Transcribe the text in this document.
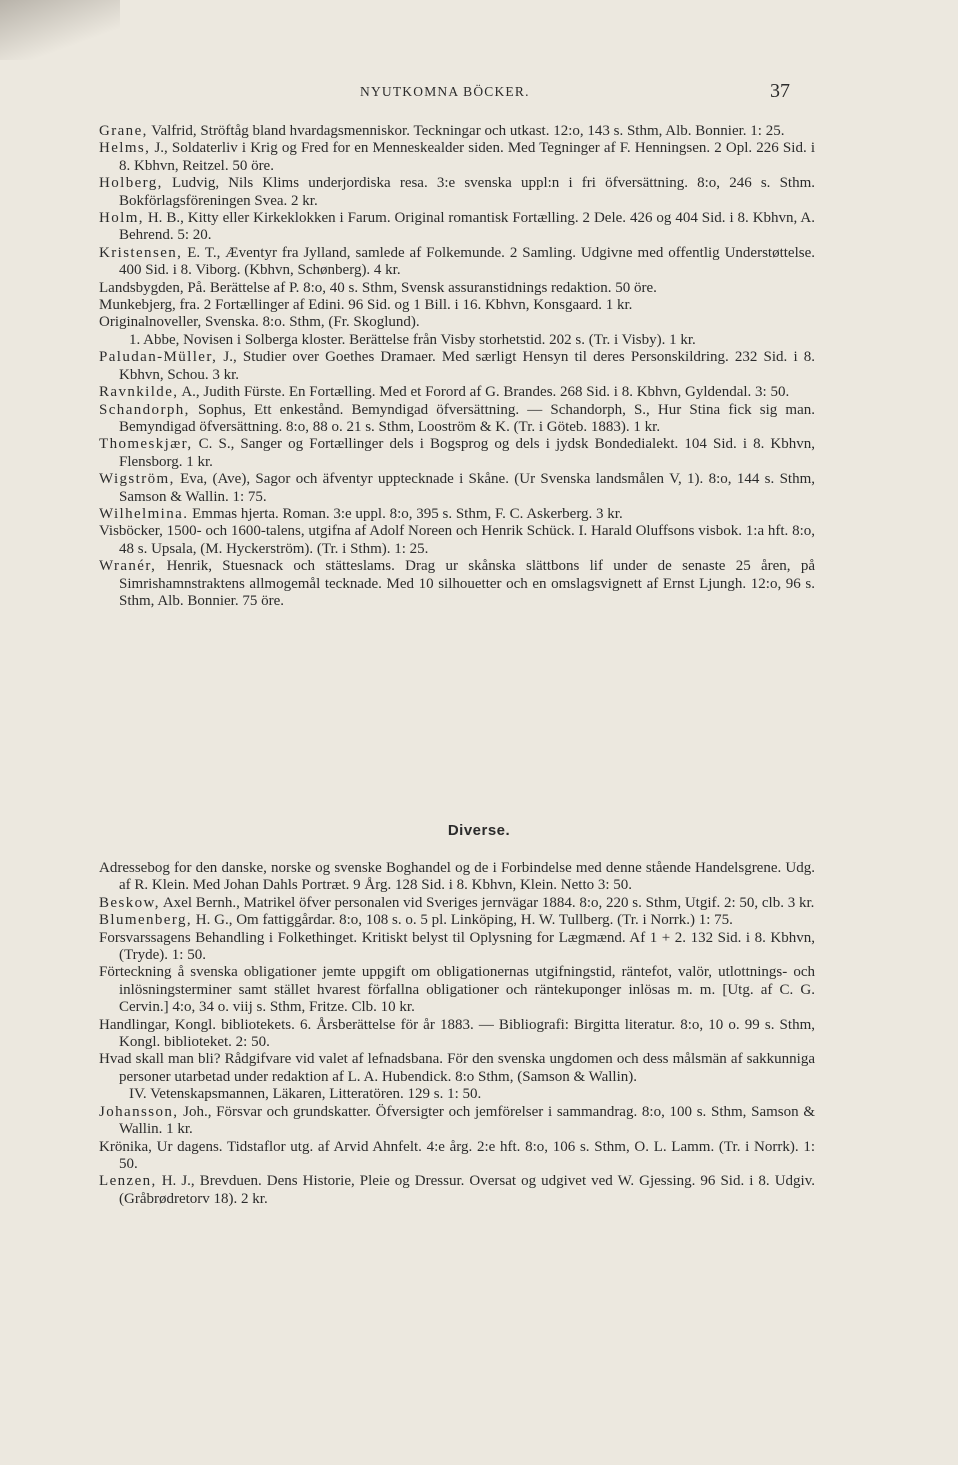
NYUTKOMNA BÖCKER.	37

Grane, Valfrid, Ströftåg bland hvardagsmenniskor. Teckningar och utkast. 12:o, 143 s. Sthm, Alb. Bonnier. 1: 25.

Helms, J., Soldaterliv i Krig og Fred for en Menneskealder siden. Med Tegninger af F. Henningsen. 2 Opl. 226 Sid. i 8. Kbhvn, Reitzel. 50 öre.

Holberg, Ludvig, Nils Klims underjordiska resa. 3:e svenska uppl:n i fri öfversättning. 8:o, 246 s. Sthm. Bokförlagsföreningen Svea. 2 kr.

Holm, H. B., Kitty eller Kirkeklokken i Farum. Original romantisk Fortælling. 2 Dele. 426 og 404 Sid. i 8. Kbhvn, A. Behrend. 5: 20.

Kristensen, E. T., Æventyr fra Jylland, samlede af Folkemunde. 2 Samling. Udgivne med offentlig Understøttelse. 400 Sid. i 8. Viborg. (Kbhvn, Schønberg). 4 kr.

Landsbygden, På. Berättelse af P. 8:o, 40 s. Sthm, Svensk assuranstidnings redaktion. 50 öre.

Munkebjerg, fra. 2 Fortællinger af Edini. 96 Sid. og 1 Bill. i 16. Kbhvn, Konsgaard. 1 kr.

Originalnoveller, Svenska. 8:o. Sthm, (Fr. Skoglund).

1. Abbe, Novisen i Solberga kloster. Berättelse från Visby storhetstid. 202 s. (Tr. i Visby). 1 kr.

Paludan-Müller, J., Studier over Goethes Dramaer. Med særligt Hensyn til deres Personskildring. 232 Sid. i 8. Kbhvn, Schou. 3 kr.

Ravnkilde, A., Judith Fürste. En Fortælling. Med et Forord af G. Brandes. 268 Sid. i 8. Kbhvn, Gyldendal. 3: 50.

Schandorph, Sophus, Ett enkestånd. Bemyndigad öfversättning. — Schandorph, S., Hur Stina fick sig man. Bemyndigad öfversättning. 8:o, 88 o. 21 s. Sthm, Looström & K. (Tr. i Göteb. 1883). 1 kr.

Thomeskjær, C. S., Sanger og Fortællinger dels i Bogsprog og dels i jydsk Bondedialekt. 104 Sid. i 8. Kbhvn, Flensborg. 1 kr.

Wigström, Eva, (Ave), Sagor och äfventyr upptecknade i Skåne. (Ur Svenska landsmålen V, 1). 8:o, 144 s. Sthm, Samson & Wallin. 1: 75.

Wilhelmina. Emmas hjerta. Roman. 3:e uppl. 8:o, 395 s. Sthm, F. C. Askerberg. 3 kr.

Visböcker, 1500- och 1600-talens, utgifna af Adolf Noreen och Henrik Schück. I. Harald Oluffsons visbok. 1:a hft. 8:o, 48 s. Upsala, (M. Hyckerström). (Tr. i Sthm). 1: 25.

Wranér, Henrik, Stuesnack och stätteslams. Drag ur skånska slättbons lif under de senaste 25 åren, på Simrishamnstraktens allmogemål tecknade. Med 10 silhouetter och en omslagsvignett af Ernst Ljungh. 12:o, 96 s. Sthm, Alb. Bonnier. 75 öre.

Diverse.

Adressebog for den danske, norske og svenske Boghandel og de i Forbindelse med denne stående Handelsgrene. Udg. af R. Klein. Med Johan Dahls Portræt. 9 Årg. 128 Sid. i 8. Kbhvn, Klein. Netto 3: 50.

Beskow, Axel Bernh., Matrikel öfver personalen vid Sveriges jernvägar 1884. 8:o, 220 s. Sthm, Utgif. 2: 50, clb. 3 kr.

Blumenberg, H. G., Om fattiggårdar. 8:o, 108 s. o. 5 pl. Linköping, H. W. Tullberg. (Tr. i Norrk.) 1: 75.

Forsvarssagens Behandling i Folkethinget. Kritiskt belyst til Oplysning for Lægmænd. Af 1 + 2. 132 Sid. i 8. Kbhvn, (Tryde). 1: 50.

Förteckning å svenska obligationer jemte uppgift om obligationernas utgifningstid, räntefot, valör, utlottnings- och inlösningsterminer samt stället hvarest förfallna obligationer och räntekuponger inlösas m. m. [Utg. af C. G. Cervin.] 4:o, 34 o. viij s. Sthm, Fritze. Clb. 10 kr.

Handlingar, Kongl. bibliotekets. 6. Årsberättelse för år 1883. — Bibliografi: Birgitta literatur. 8:o, 10 o. 99 s. Sthm, Kongl. biblioteket. 2: 50.

Hvad skall man bli? Rådgifvare vid valet af lefnadsbana. För den svenska ungdomen och dess målsmän af sakkunniga personer utarbetad under redaktion af L. A. Hubendick. 8:o Sthm, (Samson & Wallin).

IV. Vetenskapsmannen, Läkaren, Litteratören. 129 s. 1: 50.

Johansson, Joh., Försvar och grundskatter. Öfversigter och jemförelser i sammandrag. 8:o, 100 s. Sthm, Samson & Wallin. 1 kr.

Krönika, Ur dagens. Tidstaflor utg. af Arvid Ahnfelt. 4:e årg. 2:e hft. 8:o, 106 s. Sthm, O. L. Lamm. (Tr. i Norrk). 1: 50.

Lenzen, H. J., Brevduen. Dens Historie, Pleie og Dressur. Oversat og udgivet ved W. Gjessing. 96 Sid. i 8. Udgiv. (Gråbrødretorv 18). 2 kr.
